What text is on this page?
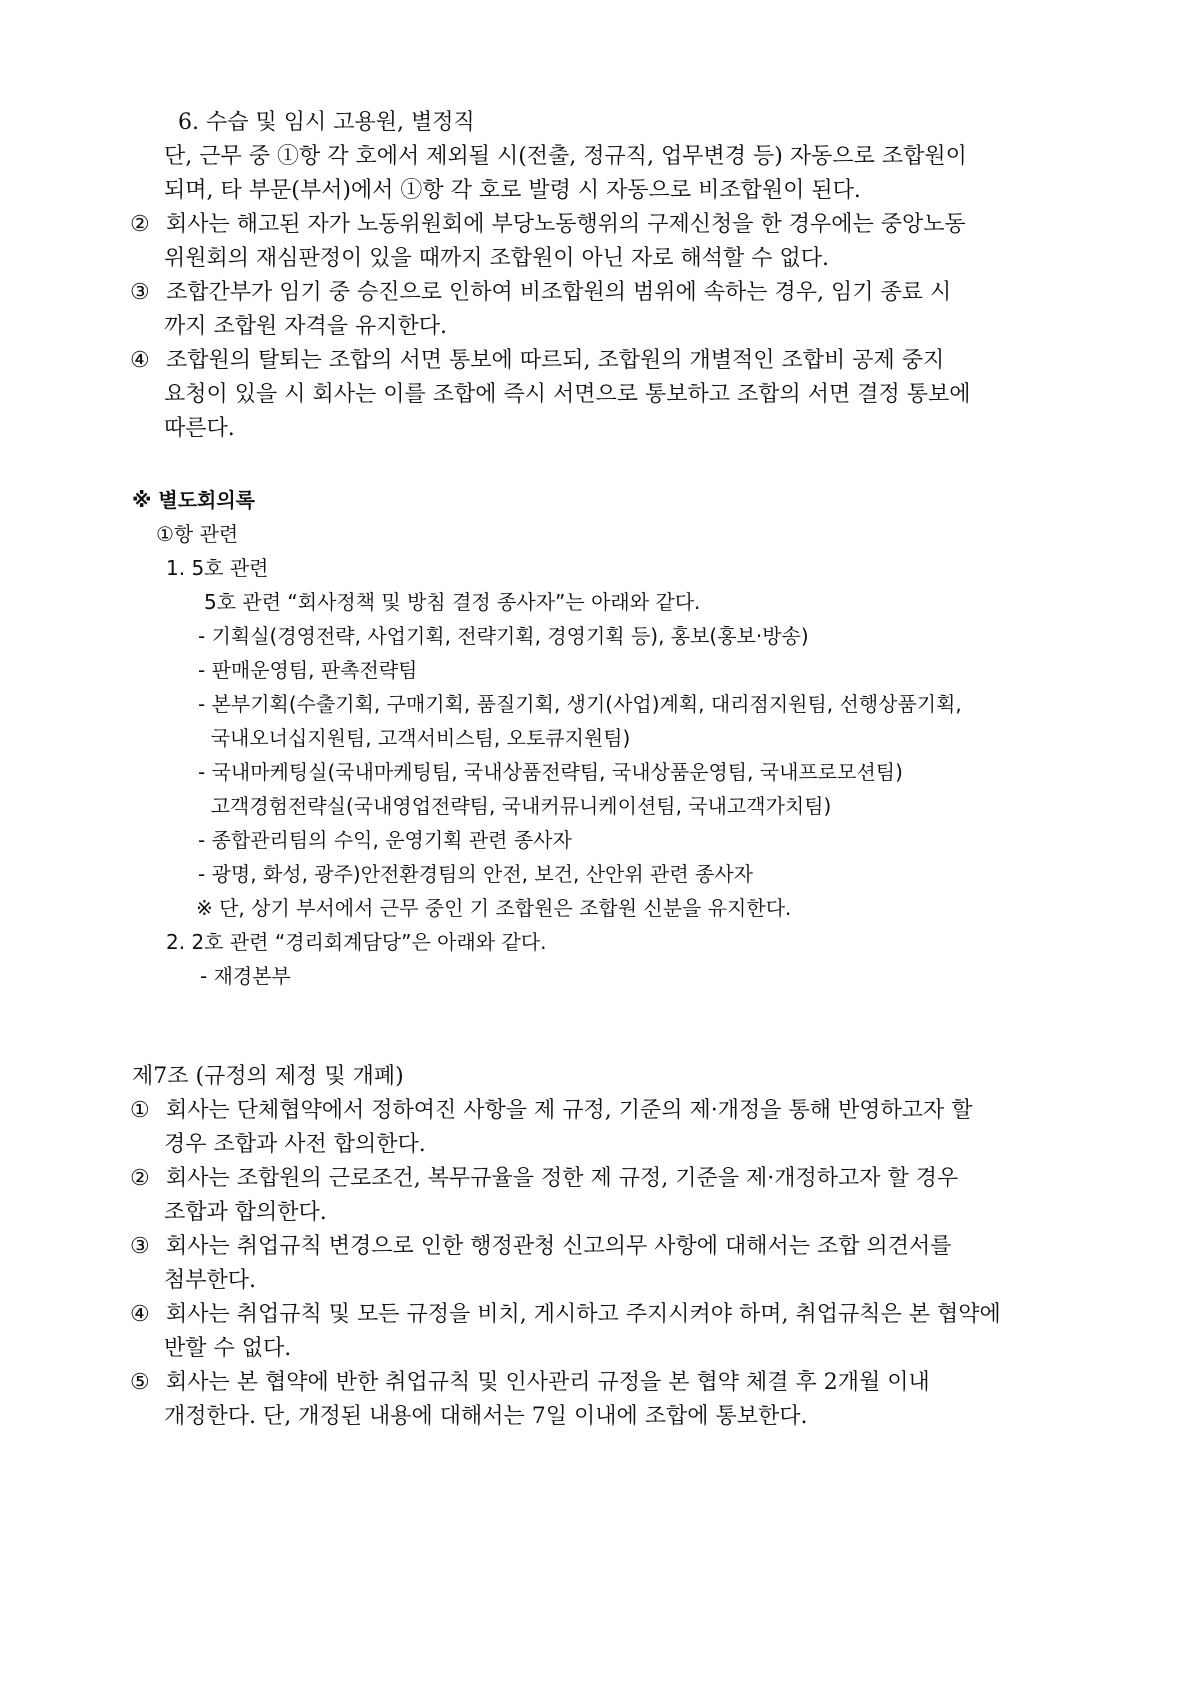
6. 수습 및 임시 고용원, 별정직
단, 근무 중 ①항 각 호에서 제외될 시(전출, 정규직, 업무변경 등) 자동으로 조합원이
되며, 타 부문(부서)에서 ①항 각 호로 발령 시 자동으로 비조합원이 된다.
② 회사는 해고된 자가 노동위원회에 부당노동행위의 구제신청을 한 경우에는 중앙노동
위원회의 재심판정이 있을 때까지 조합원이 아닌 자로 해석할 수 없다.
③ 조합간부가 임기 중 승진으로 인하여 비조합원의 범위에 속하는 경우, 임기 종료 시
까지 조합원 자격을 유지한다.
④ 조합원의 탈퇴는 조합의 서면 통보에 따르되, 조합원의 개별적인 조합비 공제 중지
요청이 있을 시 회사는 이를 조합에 즉시 서면으로 통보하고 조합의 서면 결정 통보에
따른다.
※ 별도회의록
①항 관련
1. 5호 관련
5호 관련 “회사정책 및 방침 결정 종사자”는 아래와 같다.
- 기획실(경영전략, 사업기획, 전략기획, 경영기획 등), 홍보(홍보·방송)
- 판매운영팀, 판촉전략팀
- 본부기획(수출기획, 구매기획, 품질기획, 생기(사업)계획, 대리점지원팀, 선행상품기획,
국내오너십지원팀, 고객서비스팀, 오토큐지원팀)
- 국내마케팅실(국내마케팅팀, 국내상품전략팀, 국내상품운영팀, 국내프로모션팀)
고객경험전략실(국내영업전략팀, 국내커뮤니케이션팀, 국내고객가치팀)
- 종합관리팀의 수익, 운영기획 관련 종사자
- 광명, 화성, 광주)안전환경팀의 안전, 보건, 산안위 관련 종사자
※ 단, 상기 부서에서 근무 중인 기 조합원은 조합원 신분을 유지한다.
2. 2호 관련 “경리회계담당”은 아래와 같다.
- 재경본부
제7조 (규정의 제정 및 개폐)
① 회사는 단체협약에서 정하여진 사항을 제 규정, 기준의 제·개정을 통해 반영하고자 할
경우 조합과 사전 합의한다.
② 회사는 조합원의 근로조건, 복무규율을 정한 제 규정, 기준을 제·개정하고자 할 경우
조합과 합의한다.
③ 회사는 취업규칙 변경으로 인한 행정관청 신고의무 사항에 대해서는 조합 의견서를
첨부한다.
④ 회사는 취업규칙 및 모든 규정을 비치, 게시하고 주지시켜야 하며, 취업규칙은 본 협약에
반할 수 없다.
⑤ 회사는 본 협약에 반한 취업규칙 및 인사관리 규정을 본 협약 체결 후 2개월 이내
개정한다. 단, 개정된 내용에 대해서는 7일 이내에 조합에 통보한다.
